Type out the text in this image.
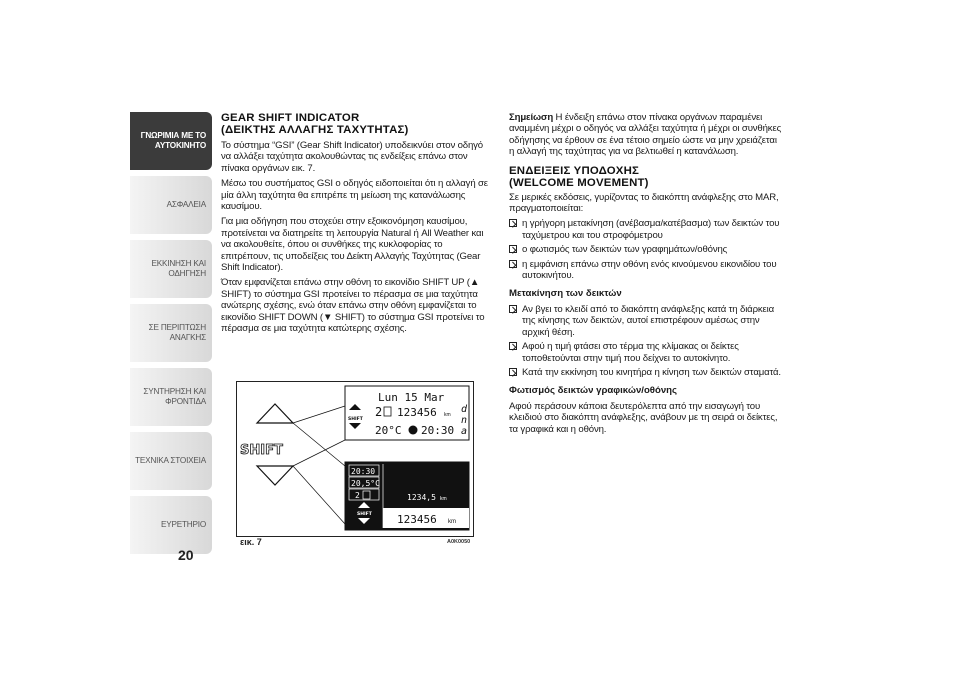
ΓΝΩΡΙΜΙΑ ΜΕ ΤΟ ΑΥΤΟΚΙΝΗΤΟ
ΑΣΦΑΛΕΙΑ
ΕΚΚΙΝΗΣΗ ΚΑΙ ΟΔΗΓΗΣΗ
ΣΕ ΠΕΡΙΠΤΩΣΗ ΑΝΑΓΚΗΣ
ΣΥΝΤΗΡΗΣΗ ΚΑΙ ΦΡΟΝΤΙΔΑ
ΤΕΧΝΙΚΑ ΣΤΟΙΧΕΙΑ
ΕΥΡΕΤΗΡΙΟ
20
GEAR SHIFT INDICATOR
(ΔΕΙΚΤΗΣ ΑΛΛΑΓΗΣ ΤΑΧΥΤΗΤΑΣ)

Το σύστημα “GSI” (Gear Shift Indicator) υποδεικνύει στον οδηγό να αλλάξει ταχύτητα ακολουθώντας τις ενδείξεις επάνω στον πίνακα οργάνων εικ. 7.

Μέσω του συστήματος GSI ο οδηγός ειδοποιείται ότι η αλλαγή σε μία άλλη ταχύτητα θα επιτρέπε τη μείωση της κατανάλωσης καυσίμου.

Για μια οδήγηση που στοχεύει στην εξοικονόμηση καυσίμου, προτείνεται να διατηρείτε τη λειτουργία Natural ή All Weather και να ακολουθείτε, όπου οι συνθήκες της κυκλοφορίας το επιτρέπουν, τις υποδείξεις του Δείκτη Αλλαγής Ταχύτητας (Gear Shift Indicator).

Όταν εμφανίζεται επάνω στην οθόνη το εικονίδιο SHIFT UP (▲ SHIFT) το σύστημα GSI προτείνει το πέρασμα σε μια ταχύτητα ανώτερης σχέσης, ενώ όταν επάνω στην οθόνη εμφανίζεται το εικονίδιο SHIFT DOWN (▼ SHIFT) το σύστημα GSI προτείνει το πέρασμα σε μια ταχύτητα κατώτερης σχέσης.

SHIFT
Lun 15 Mar
SHIFT
2 123456 km
20°C 20:30
d
n
a
20:30
20,5°C
2
SHIFT
1234,5 km
123456 km
εικ. 7	A0K0050

Σημείωση Η ένδειξη επάνω στον πίνακα οργάνων παραμένει αναμμένη μέχρι ο οδηγός να αλλάξει ταχύτητα ή μέχρι οι συνθήκες οδήγησης να έρθουν σε ένα τέτοιο σημείο ώστε να μην χρειάζεται η αλλαγή της ταχύτητας για να βελτιωθεί η κατανάλωση.

ΕΝΔΕΙΞΕΙΣ ΥΠΟΔΟΧΗΣ
(WELCOME MOVEMENT)

Σε μερικές εκδόσεις, γυρίζοντας το διακόπτη ανάφλεξης στο MAR, πραγματοποιείται:

η γρήγορη μετακίνηση (ανέβασμα/κατέβασμα) των δεικτών του ταχύμετρου και του στροφόμετρου
ο φωτισμός των δεικτών των γραφημάτων/οθόνης
η εμφάνιση επάνω στην οθόνη ενός κινούμενου εικονιδίου του αυτοκινήτου.
Μετακίνηση των δεικτών
Αν βγει το κλειδί από το διακόπτη ανάφλεξης κατά τη διάρκεια της κίνησης των δεικτών, αυτοί επιστρέφουν αμέσως στην αρχική θέση.
Αφού η τιμή φτάσει στο τέρμα της κλίμακας οι δείκτες τοποθετούνται στην τιμή που δείχνει το αυτοκίνητο.
Κατά την εκκίνηση του κινητήρα η κίνηση των δεικτών σταματά.
Φωτισμός δεικτών γραφικών/οθόνης

Αφού περάσουν κάποια δευτερόλεπτα από την εισαγωγή του κλειδιού στο διακόπτη ανάφλεξης, ανάβουν με τη σειρά οι δείκτες, τα γραφικά και η οθόνη.
